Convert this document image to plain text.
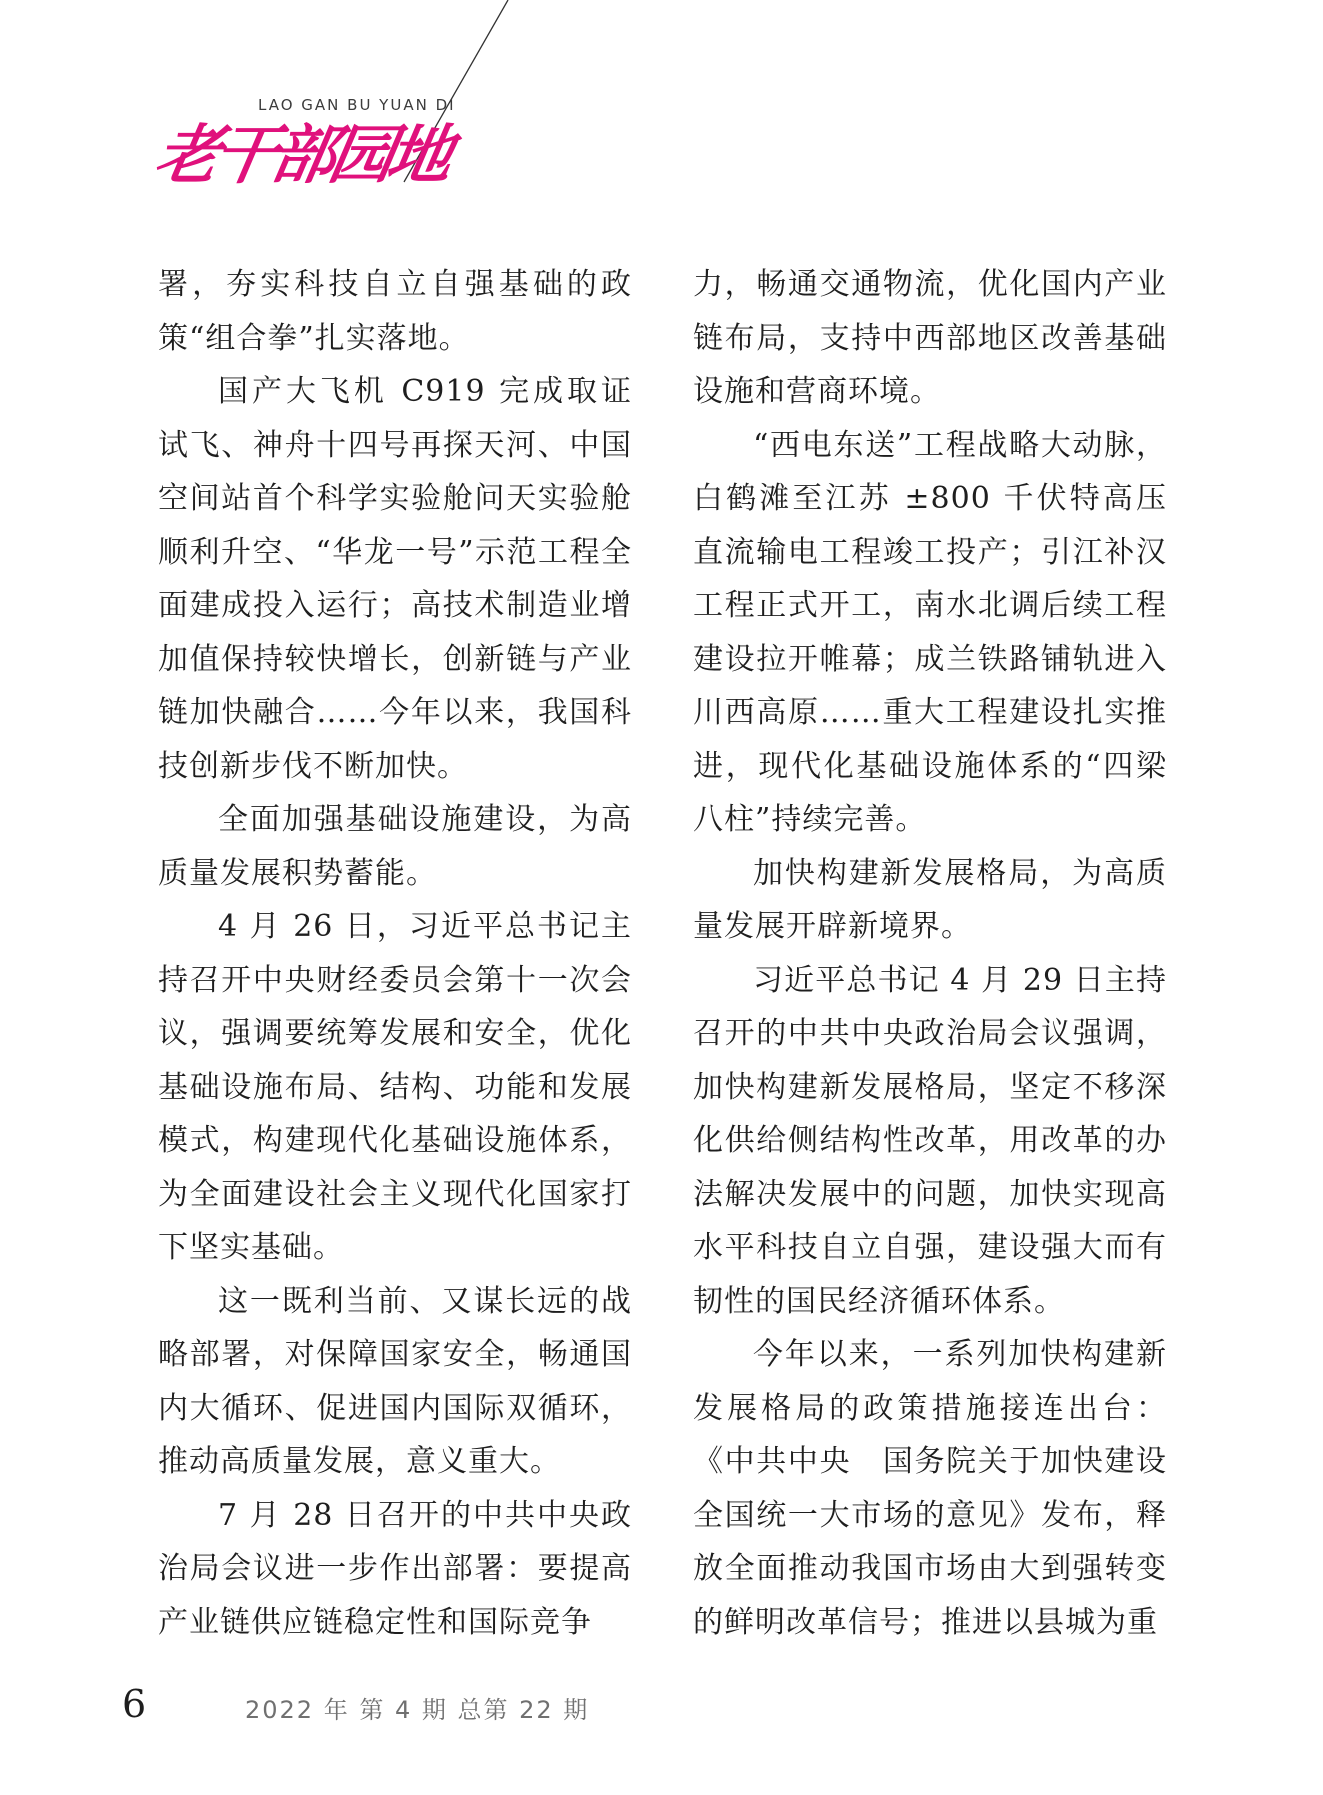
LAO GAN BU YUAN DI
老干部园地

署，夯实科技自立自强基础的政策“组合拳”扎实落地。

国产大飞机 C919 完成取证试飞、神舟十四号再探天河、中国空间站首个科学实验舱问天实验舱顺利升空、“华龙一号”示范工程全面建成投入运行；高技术制造业增加值保持较快增长，创新链与产业链加快融合……今年以来，我国科技创新步伐不断加快。

全面加强基础设施建设，为高质量发展积势蓄能。

4 月 26 日，习近平总书记主持召开中央财经委员会第十一次会议，强调要统筹发展和安全，优化基础设施布局、结构、功能和发展模式，构建现代化基础设施体系，为全面建设社会主义现代化国家打下坚实基础。

这一既利当前、又谋长远的战略部署，对保障国家安全，畅通国内大循环、促进国内国际双循环，推动高质量发展，意义重大。

7 月 28 日召开的中共中央政治局会议进一步作出部署：要提高产业链供应链稳定性和国际竞争

力，畅通交通物流，优化国内产业链布局，支持中西部地区改善基础设施和营商环境。

“西电东送”工程战略大动脉，白鹤滩至江苏 ±800 千伏特高压直流输电工程竣工投产；引江补汉工程正式开工，南水北调后续工程建设拉开帷幕；成兰铁路铺轨进入川西高原……重大工程建设扎实推进，现代化基础设施体系的“四梁八柱”持续完善。

加快构建新发展格局，为高质量发展开辟新境界。

习近平总书记 4 月 29 日主持召开的中共中央政治局会议强调，加快构建新发展格局，坚定不移深化供给侧结构性改革，用改革的办法解决发展中的问题，加快实现高水平科技自立自强，建设强大而有韧性的国民经济循环体系。

今年以来，一系列加快构建新发展格局的政策措施接连出台：《中共中央　国务院关于加快建设全国统一大市场的意见》发布，释放全面推动我国市场由大到强转变的鲜明改革信号；推进以县城为重

6	2022 年 第 4 期 总第 22 期
